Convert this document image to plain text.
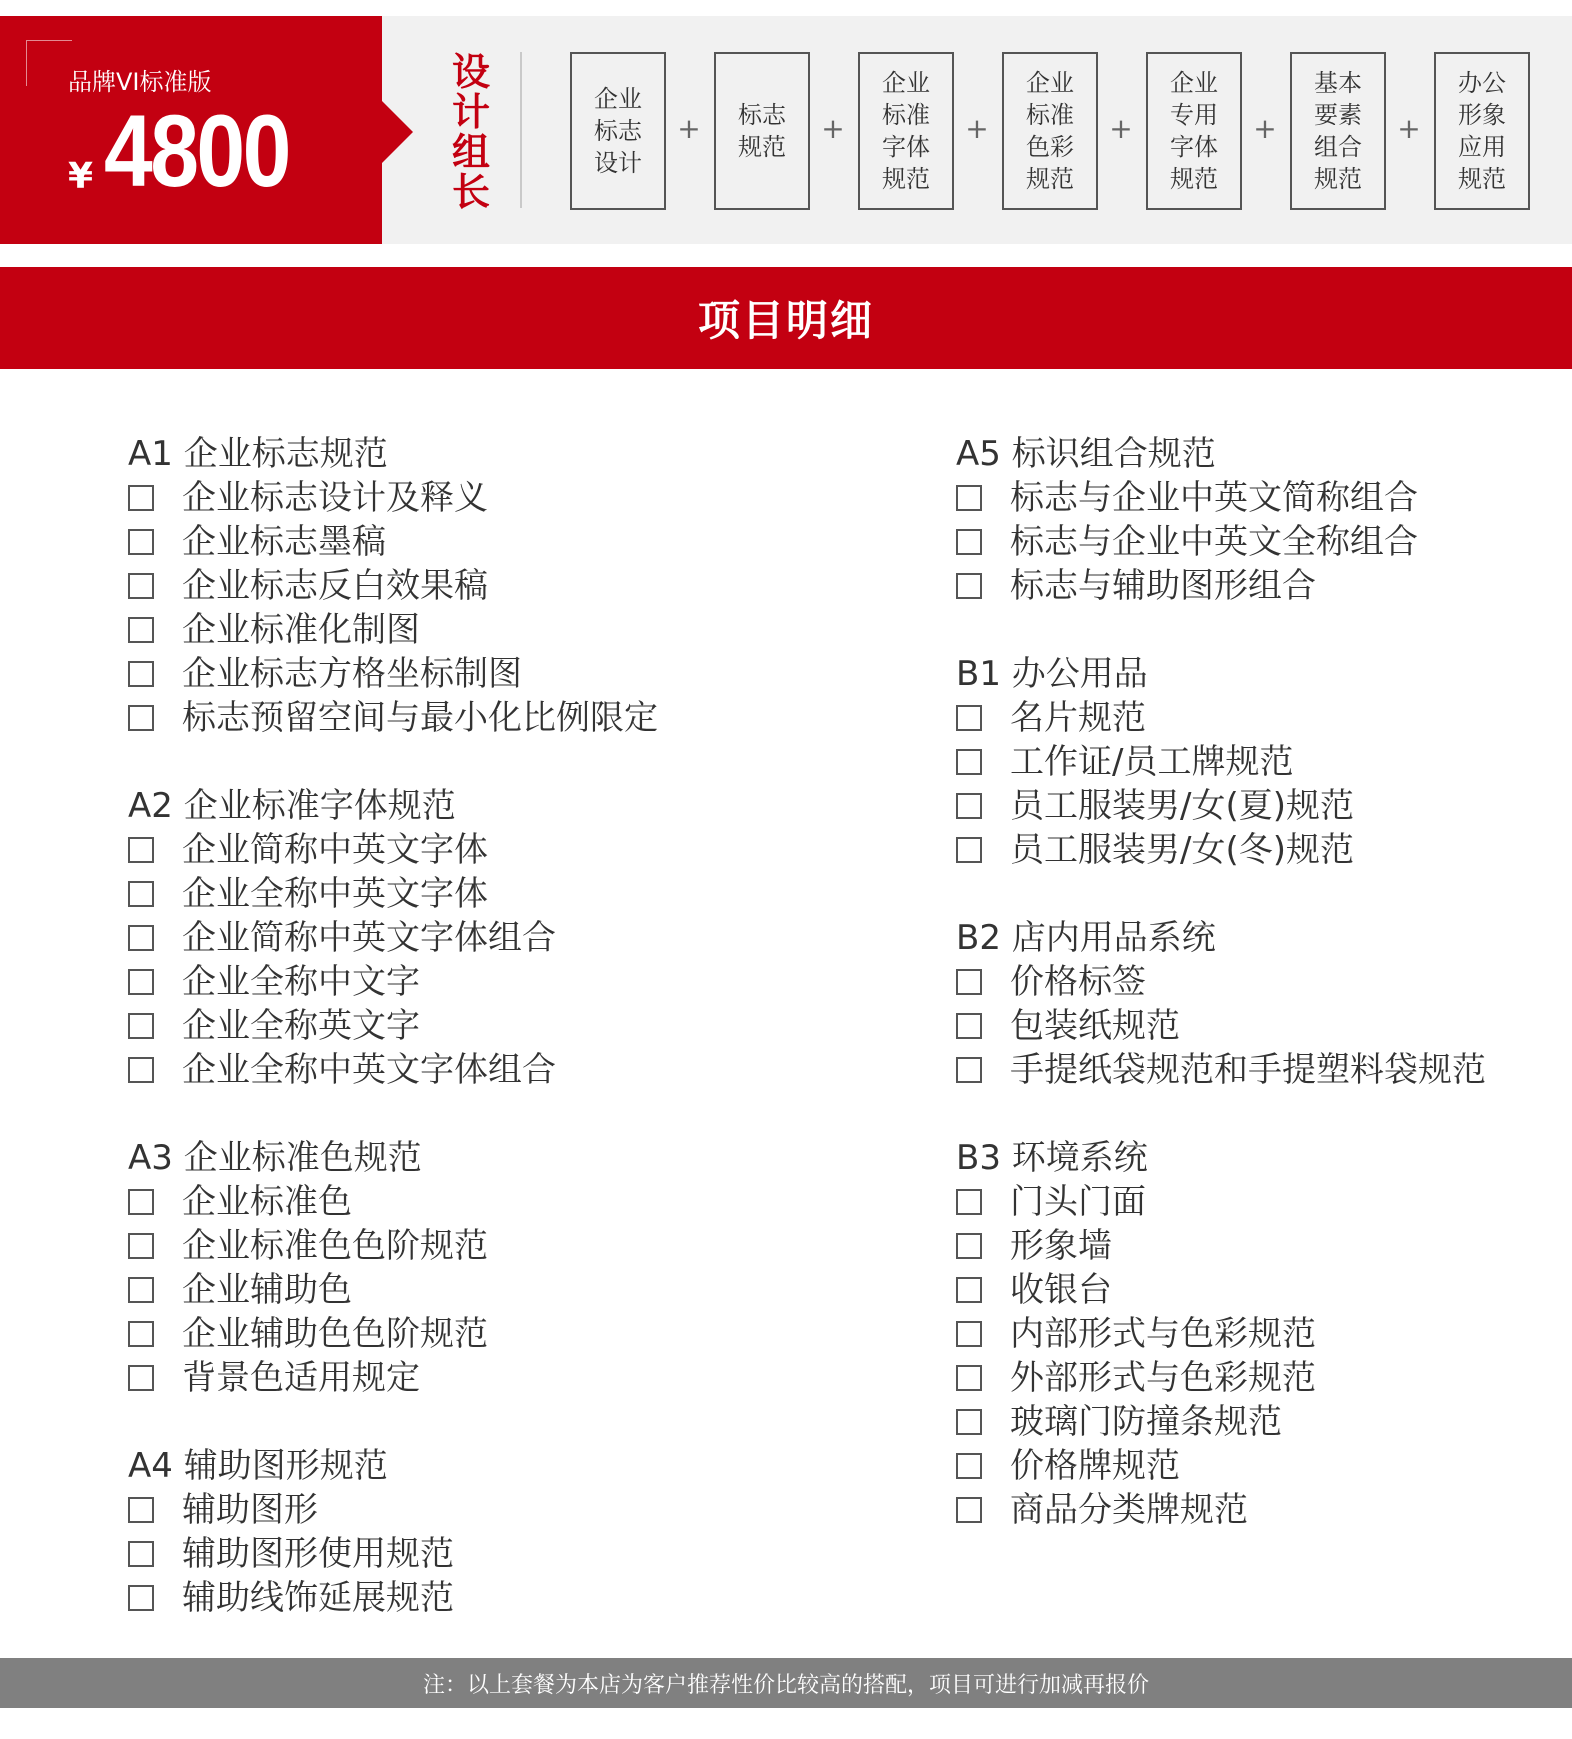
品牌VI标准版
¥ 4800
设计组长
企业标志设计
+ 标志规范
+
企业标准字体规范
+
企业标准色彩规范
+
企业专用字体规范
+
基本要素组合规范
+
办公形象应用规范
项目明细
A1 企业标志规范
企业标志设计及释义
企业标志墨稿
企业标志反白效果稿
企业标准化制图
企业标志方格坐标制图
标志预留空间与最小化比例限定
A2 企业标准字体规范
企业简称中英文字体
企业全称中英文字体
企业简称中英文字体组合
企业全称中文字
企业全称英文字
企业全称中英文字体组合
A3 企业标准色规范
企业标准色
企业标准色色阶规范
企业辅助色
企业辅助色色阶规范
背景色适用规定
A4 辅助图形规范
辅助图形
辅助图形使用规范
辅助线饰延展规范
A5 标识组合规范
标志与企业中英文简称组合
标志与企业中英文全称组合
标志与辅助图形组合
B1 办公用品
名片规范
工作证/员工牌规范
员工服装男/女(夏)规范
员工服装男/女(冬)规范
B2 店内用品系统
价格标签
包装纸规范
手提纸袋规范和手提塑料袋规范
B3 环境系统
门头门面
形象墙
收银台
内部形式与色彩规范
外部形式与色彩规范
玻璃门防撞条规范
价格牌规范
商品分类牌规范
注：以上套餐为本店为客户推荐性价比较高的搭配，项目可进行加减再报价
